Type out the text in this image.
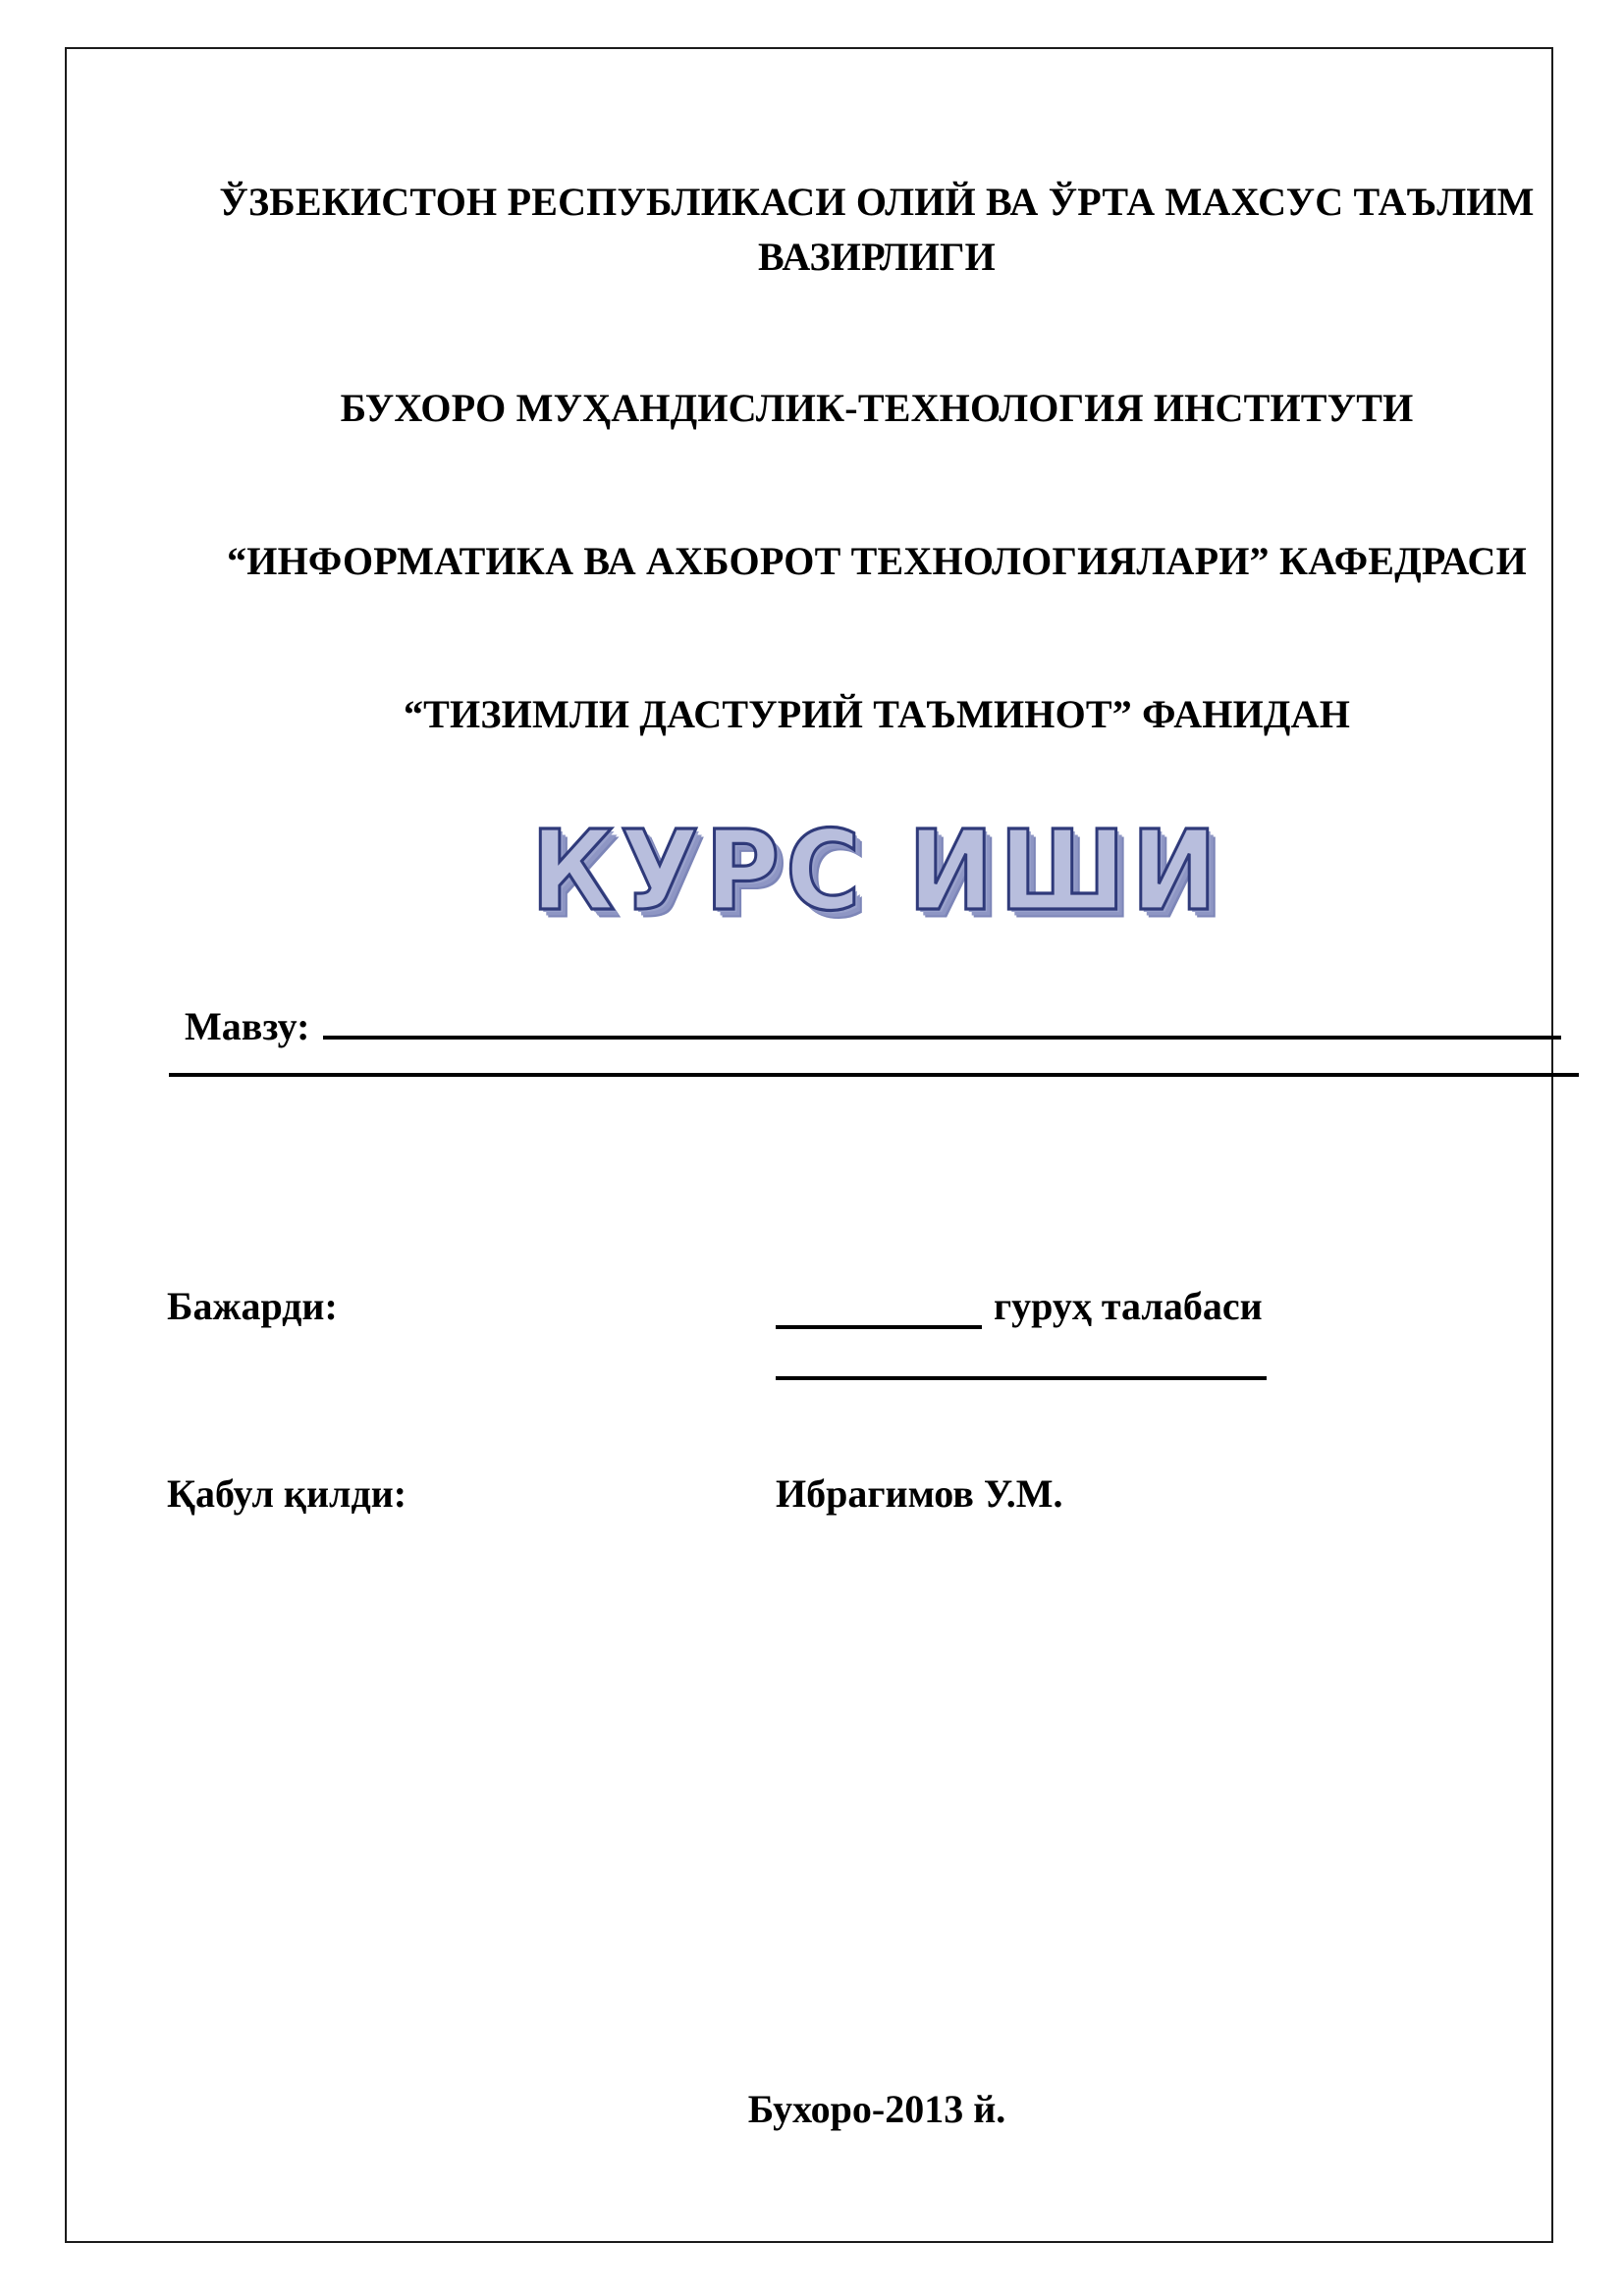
ЎЗБЕКИСТОН РЕСПУБЛИКАСИ ОЛИЙ ВА ЎРТА МАХСУС ТАЪЛИМ ВАЗИРЛИГИ
БУХОРО МУҲАНДИСЛИК-ТЕХНОЛОГИЯ ИНСТИТУТИ
“ИНФОРМАТИКА ВА АХБОРОТ ТЕХНОЛОГИЯЛАРИ” КАФЕДРАСИ
“ТИЗИМЛИ ДАСТУРИЙ ТАЪМИНОТ” ФАНИДАН
КУРС ИШИ
Мавзу:
Бажарди:	гуруҳ талабаси
Қабул қилди:	Ибрагимов У.М.
Бухоро-2013 й.
